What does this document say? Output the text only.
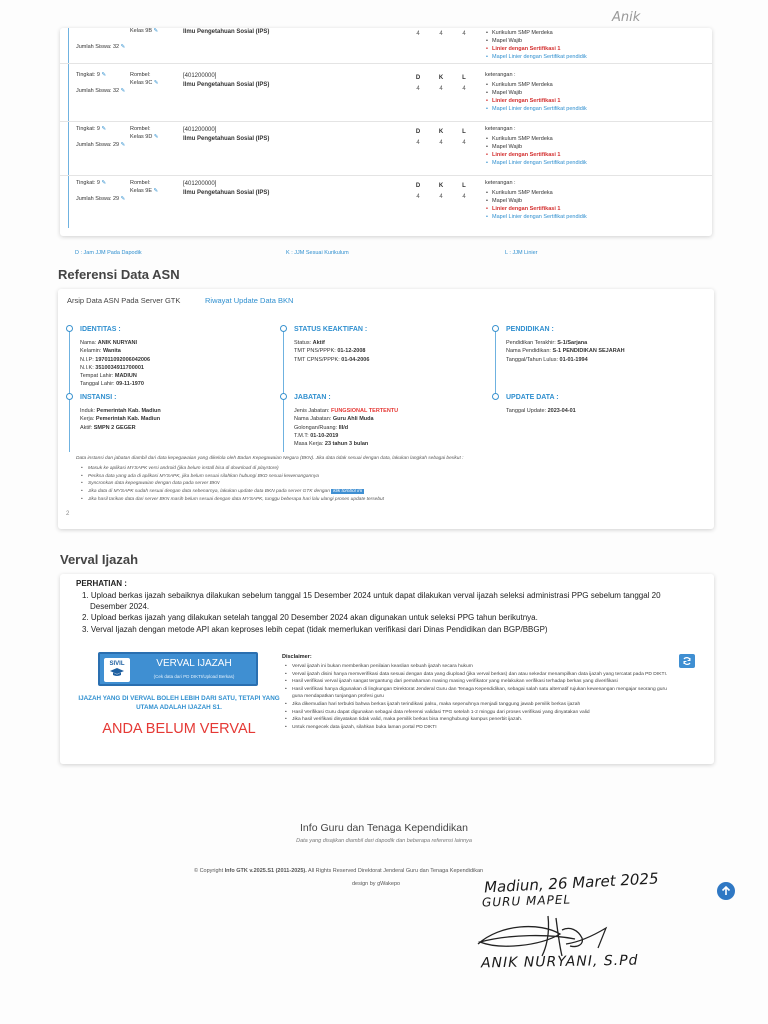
Anik
Jumlah Siswa: 32 ✎
Kelas 9B ✎	Ilmu Pengetahuan Sosial (IPS)	4	4	4
•	Kurikulum SMP Merdeka
• Mapel Wajib
• Linier dengan Sertifikasi 1
• Mapel Linier dengan Sertifikat pendidik
Tingkat: 9 ✎
Jumlah Siswa: 32 ✎
Rombel:
Kelas 9C ✎
[401200000]
Ilmu Pengetahuan Sosial (IPS)
D	K	L
4	4	4
keterangan :
• Kurikulum SMP Merdeka
• Mapel Wajib
• Linier dengan Sertifikasi 1
• Mapel Linier dengan Sertifikat pendidik
Tingkat: 9 ✎
Jumlah Siswa: 29 ✎
Rombel:
Kelas 9D ✎
[401200000]
Ilmu Pengetahuan Sosial (IPS)
D	K	L
4	4	4
keterangan :
• Kurikulum SMP Merdeka
• Mapel Wajib
• Linier dengan Sertifikasi 1
• Mapel Linier dengan Sertifikat pendidik
Tingkat: 9 ✎
Jumlah Siswa: 29 ✎
Rombel:
Kelas 9E ✎
[401200000]
Ilmu Pengetahuan Sosial (IPS)
D	K	L
4	4	4
keterangan :
• Kurikulum SMP Merdeka
• Mapel Wajib
• Linier dengan Sertifikasi 1
• Mapel Linier dengan Sertifikat pendidik
D : Jam JJM Pada Dapodik	K : JJM Sesuai Kurikulum	L : JJM Linier
Referensi Data ASN
Arsip Data ASN Pada Server GTK	Riwayat Update Data BKN
IDENTITAS :
Nama: ANIK NURYANI
Kelamin: Wanita
N.I.P: 197011092006042006
N.I.K: 3510034911700001
Tempat Lahir: MADIUN
Tanggal Lahir: 09-11-1970
STATUS KEAKTIFAN :
Status: Aktif
TMT PNS/PPPK: 01-12-2008
TMT CPNS/PPPK: 01-04-2006
PENDIDIKAN :
Pendidikan Terakhir: S-1/Sarjana
Nama Pendidikan: S-1 PENDIDIKAN SEJARAH
Tanggal/Tahun Lulus: 01-01-1994
INSTANSI :
Induk: Pemerintah Kab. Madiun
Kerja: Pemerintah Kab. Madiun
Aktif: SMPN 2 GEGER
JABATAN :
Jenis Jabatan: FUNGSIONAL TERTENTU
Nama Jabatan: Guru Ahli Muda
Golongan/Ruang: III/d
T.M.T: 01-10-2019
Masa Kerja: 23 tahun 3 bulan
UPDATE DATA :
Tanggal Update: 2023-04-01
Data instansi dan jabatan diambil dari data kepegawaian yang dikelola oleh Badan Kepegawaian Negara (BKN). Jika data tidak sesuai dengan data, lakukan langkah sebagai berikut :
• Masuk ke aplikasi MYSAPK versi android (jika belum install bisa di download di playstore)
• Periksa data yang ada di aplikasi MYSAPK, jika belum sesuai silahkan hubungi BKD sesuai kewenangannya
• Syncronkan data kepegawaian dengan data pada server BKN
• Jika data di MYSAPK sudah sesuai dengan data sebenarnya, lakukan update data BKN pada server GTK dengan klik tombol ini
• Jika hasil tarikan data dari server BKN masih belum sesuai dengan data MYSAPK, tunggu beberapa hari lalu ulangi proses update tersebut
2
Verval Ijazah
PERHATIAN :
1. Upload berkas ijazah sebaiknya dilakukan sebelum tanggal 15 Desember 2024 untuk dapat dilakukan verval ijazah seleksi administrasi PPG sebelum tanggal 20 Desember 2024.
2. Upload berkas ijazah yang dilakukan setelah tanggal 20 Desember 2024 akan digunakan untuk seleksi PPG tahun berikutnya.
3. Verval Ijazah dengan metode API akan keproses lebih cepat (tidak memerlukan verifikasi dari Dinas Pendidikan dan BGP/BBGP)
SIVIL	VERVAL IJAZAH
(Cek data dari PD DIKTI/Upload Berkas)
IJAZAH YANG DI VERVAL BOLEH LEBIH DARI SATU, TETAPI YANG UTAMA ADALAH IJAZAH S1.
ANDA BELUM VERVAL
Disclaimer:
• Verval ijazah ini bukan memberikan penilaian keaslian sebuah ijazah secara hukum
• Verval ijazah disini hanya memverifikasi data sesuai dengan data yang diupload (jika verval berkas) dan atau sekedar menampilkan data ijazah yang tercatat pada PD DIKTI.
• Hasil verifikasi verval ijazah sangat tergantung dari pemahaman masing masing verifikator yang melakukan verifikasi terhadap berkas yang diverifikasi
• Hasil verifikasi hanya digunakan di lingkungan Direktorat Jenderal Guru dan Tenaga Kependidikan, sebagai salah satu alternatif rujukan kewenangan mengajar seorang guru guna mendapatkan tunjangan profesi guru
• Jika dikemudian hari terbukti bahwa berkas ijazah terindikasi palsu, maka sepenuhnya menjadi tanggung jawab pemilik berkas ijazah
• Hasil Verifikasi Guru dapat digunakan sebagai data referensi validasi TPG setelah 1-2 minggu dari proses verifikasi yang dinyatakan valid
• Jika hasil verifikasi dinyatakan tidak valid, maka pemilik berkas bisa menghubungi kampus penerbit ijazah.
• Untuk mengecek data ijazah, silahkan buka laman portal PD DIKTI
Info Guru dan Tenaga Kependidikan
Data yang disajikan diambil dari dapodik dan beberapa referensi lainnya
© Copyright Info GTK v.2025.S1 (2011-2025). All Rights Reserved Direktorat Jenderal Guru dan Tenaga Kependidikan
design by gWakepo	Madiun, 26 Maret 2025
GURU MAPEL
ANIK NURYANI, S.Pd
